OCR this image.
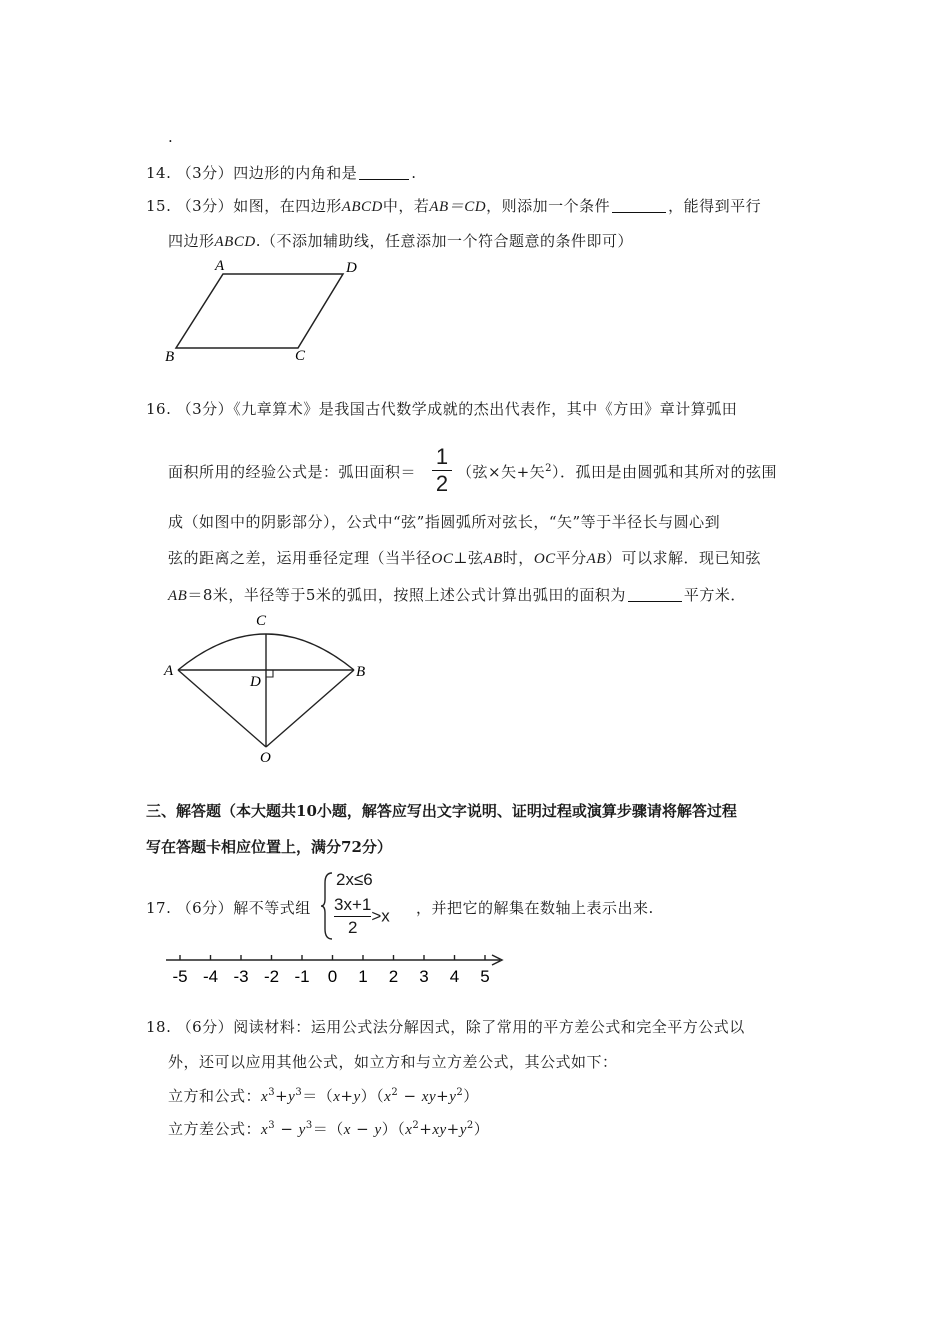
.
14. （3分）四边形的内角和是	.
15. （3分）如图，在四边形ABCD中，若AB＝CD，则添加一个条件	，能得到平行
四边形ABCD.（不添加辅助线，任意添加一个符合题意的条件即可）
A	D
B	C
16. （3分）《九章算术》是我国古代数学成就的杰出代表作，其中《方田》章计算弧田
面积所用的经验公式是：弧田面积＝
1
2 （弦×矢+矢$^2$）．孤田是由圆弧和其所对的弦围
成（如图中的阴影部分），公式中“弦”指圆弧所对弦长，“矢”等于半径长与圆心到
弦的距离之差，运用垂径定理（当半径OC⊥弦AB时，OC平分AB）可以求解．现已知弦
AB＝8米，半径等于5米的弧田，按照上述公式计算出弧田的面积为	平方米．
C
A	B
D
O
三、解答题（本大题共10小题，解答应写出文字说明、证明过程或演算步骤请将解答过程
写在答题卡相应位置上，满分72分）
17. （6分）解不等式组
2x≤6
$\frac{3x+1}{2} >x$ ，并把它的解集在数轴上表示出来.
-5 -4 -3 -2 -1 0 1 2 3 4 5
18. （6分）阅读材料：运用公式法分解因式，除了常用的平方差公式和完全平方公式以
外，还可以应用其他公式，如立方和与立方差公式，其公式如下：
立方和公式：$x^3+y^3=(x+y)(x^2 - xy+y^2)$
立方差公式：$x^3 - y^3=(x - y)(x^2+xy+y^2)$
